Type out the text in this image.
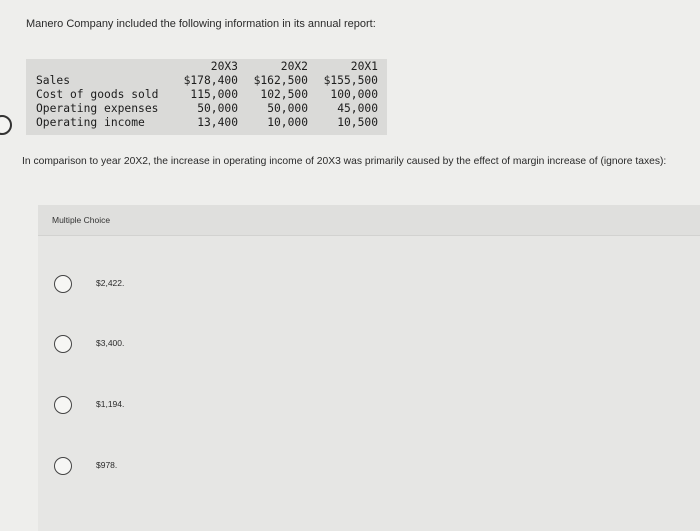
Manero Company included the following information in its annual report:
20X3	20X2	20X1
Sales	$178,400	$162,500	$155,500
Cost of goods sold	115,000	102,500	100,000
Operating expenses	50,000	50,000	45,000
Operating income	13,400	10,000	10,500
In comparison to year 20X2, the increase in operating income of 20X3 was primarily caused by the effect of margin increase of (ignore taxes):
Multiple Choice
$2,422.
$3,400.
$1,194.
$978.
